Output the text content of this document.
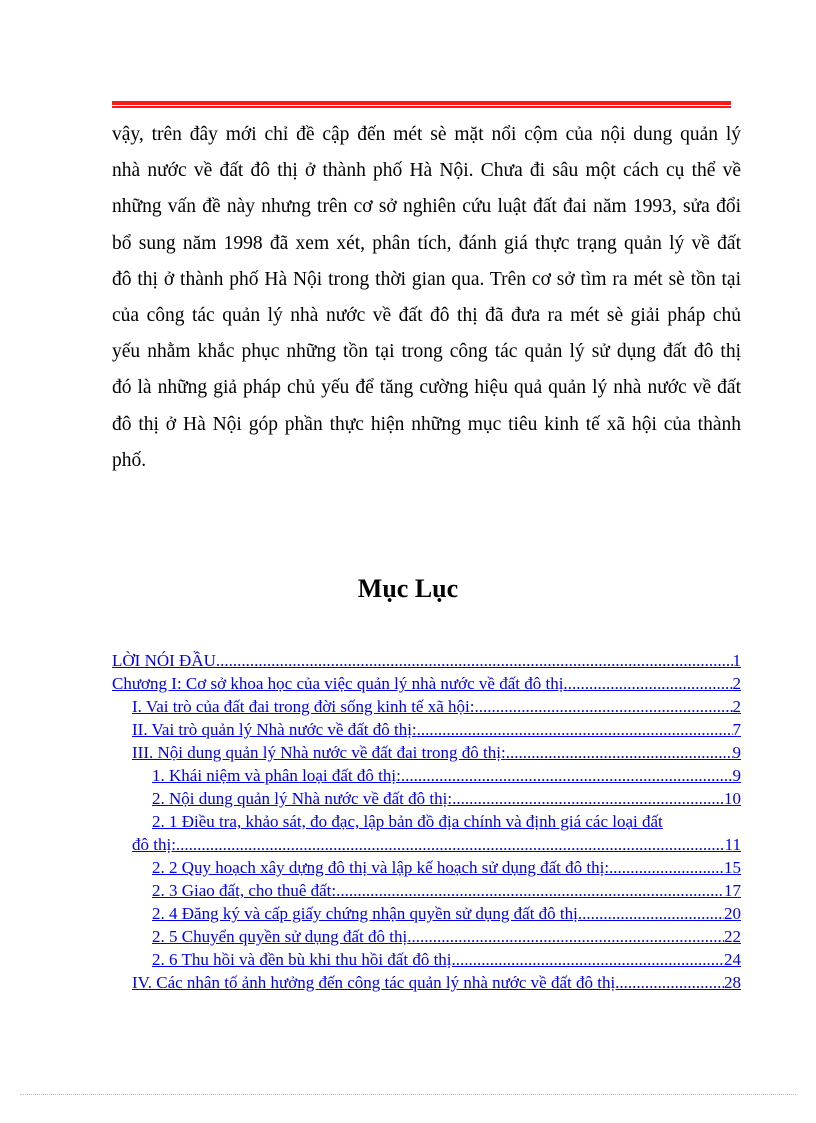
vậy, trên đây mới chỉ đề cập đến mét sè mặt nổi cộm của nội dung quản lý
nhà nước về đất đô thị ở thành phố Hà Nội. Chưa đi sâu một cách cụ thể về
những vấn đề này nhưng trên cơ sở nghiên cứu luật đất đai năm 1993, sửa đổi
bổ sung năm 1998 đã xem xét, phân tích, đánh giá thực trạng quản lý về đất
đô thị ở thành phố Hà Nội trong thời gian qua. Trên cơ sở tìm ra mét sè tồn tại
của công tác quản lý nhà nước về đất đô thị đã đưa ra mét sè giải pháp chủ
yếu nhằm khắc phục những tồn tại trong công tác quản lý sử dụng đất đô thị
đó là những giả pháp chủ yếu để tăng cường hiệu quả quản lý nhà nước về đất
đô thị ở Hà Nội góp phần thực hiện những mục tiêu kinh tế xã hội của thành
phố.
Mục Lục
LỜI NÓI ĐẦU .....	1
Chương I: Cơ sở khoa học của việc quản lý nhà nước về đất đô thị. .....	2
I. Vai trò của đất đai trong đời sống kinh tế xã hội: .....	2
II. Vai trò quản lý Nhà nước về đất đô thị: .....	7
III. Nội dung quản lý Nhà nước về đất đai trong đô thị: .....	9
1. Khái niệm và phân loại đất đô thị: .....	9
2. Nội dung quản lý Nhà nước về đất đô thị: .....	10
2. 1 Điều tra, khảo sát, đo đạc, lập bản đồ địa chính và định giá các loại đất
đô thị: .....	11
2. 2 Quy hoạch xây dựng đô thị và lập kế hoạch sử dụng đất đô thị: .....	15
2. 3 Giao đất, cho thuê đất: .....	17
2. 4 Đăng ký và cấp giấy chứng nhận quyền sử dụng đất đô thị .....	20
2. 5 Chuyển quyền sử dụng đất đô thị .....	22
2. 6 Thu hồi và đền bù khi thu hồi đất đô thị .....	24
IV. Các nhân tố ảnh hưởng đến công tác quản lý nhà nước về đất đô thị. .....	28
